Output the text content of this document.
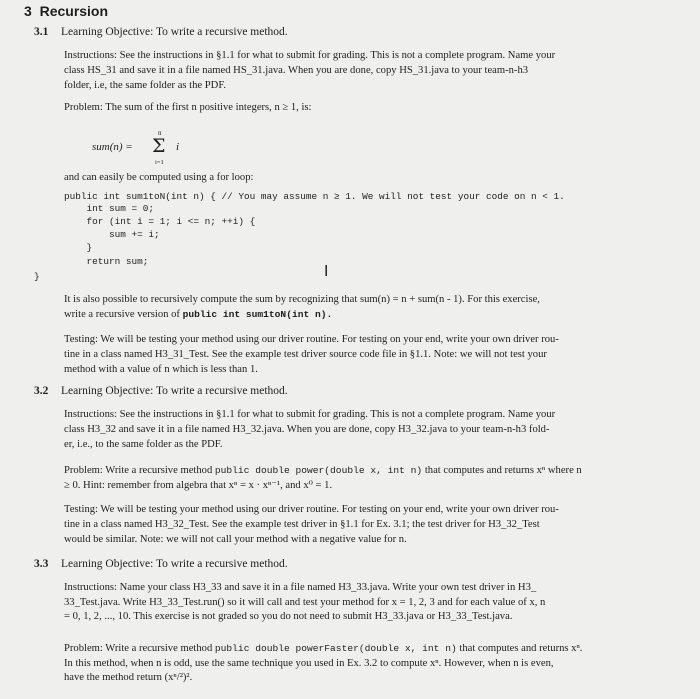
3 Recursion
3.1 Learning Objective: To write a recursive method.
Instructions: See the instructions in §1.1 for what to submit for grading. This is not a complete program. Name your
class HS_31 and save it in a file named HS_31.java. When you are done, copy HS_31.java to your team-n-h3
folder, i.e, the same folder as the PDF.
Problem: The sum of the first n positive integers, n ≥ 1, is:
sum(n) =
n
Σ
i=1
i
and can easily be computed using a for loop:
public int sum1toN(int n) { // You may assume n ≥ 1. We will not test your code on n < 1.
int sum = 0;
for (int i = 1; i <= n; ++i) {
sum += i;
}
return sum;
}	I
It is also possible to recursively compute the sum by recognizing that sum(n) = n + sum(n - 1). For this exercise,
write a recursive version of public int sum1toN(int n).
Testing: We will be testing your method using our driver routine. For testing on your end, write your own driver rou-
tine in a class named H3_31_Test. See the example test driver source code file in §1.1. Note: we will not test your
method with a value of n which is less than 1.
3.2 Learning Objective: To write a recursive method.
Instructions: See the instructions in §1.1 for what to submit for grading. This is not a complete program. Name your
class H3_32 and save it in a file named H3_32.java. When you are done, copy H3_32.java to your team-n-h3 fold-
er, i.e., to the same folder as the PDF.
Problem: Write a recursive method public double power(double x, int n) that computes and returns xⁿ where n
≥ 0. Hint: remember from algebra that xⁿ = x · xⁿ⁻¹, and x⁰ = 1.
Testing: We will be testing your method using our driver routine. For testing on your end, write your own driver rou-
tine in a class named H3_32_Test. See the example test driver in §1.1 for Ex. 3.1; the test driver for H3_32_Test
would be similar. Note: we will not call your method with a negative value for n.
3.3 Learning Objective: To write a recursive method.
Instructions: Name your class H3_33 and save it in a file named H3_33.java. Write your own test driver in H3_
33_Test.java. Write H3_33_Test.run() so it will call and test your method for x = 1, 2, 3 and for each value of x, n
= 0, 1, 2, ..., 10. This exercise is not graded so you do not need to submit H3_33.java or H3_33_Test.java.
Problem: Write a recursive method public double powerFaster(double x, int n) that computes and returns xⁿ.
In this method, when n is odd, use the same technique you used in Ex. 3.2 to compute xⁿ. However, when n is even,
have the method return (xⁿ/²)².
